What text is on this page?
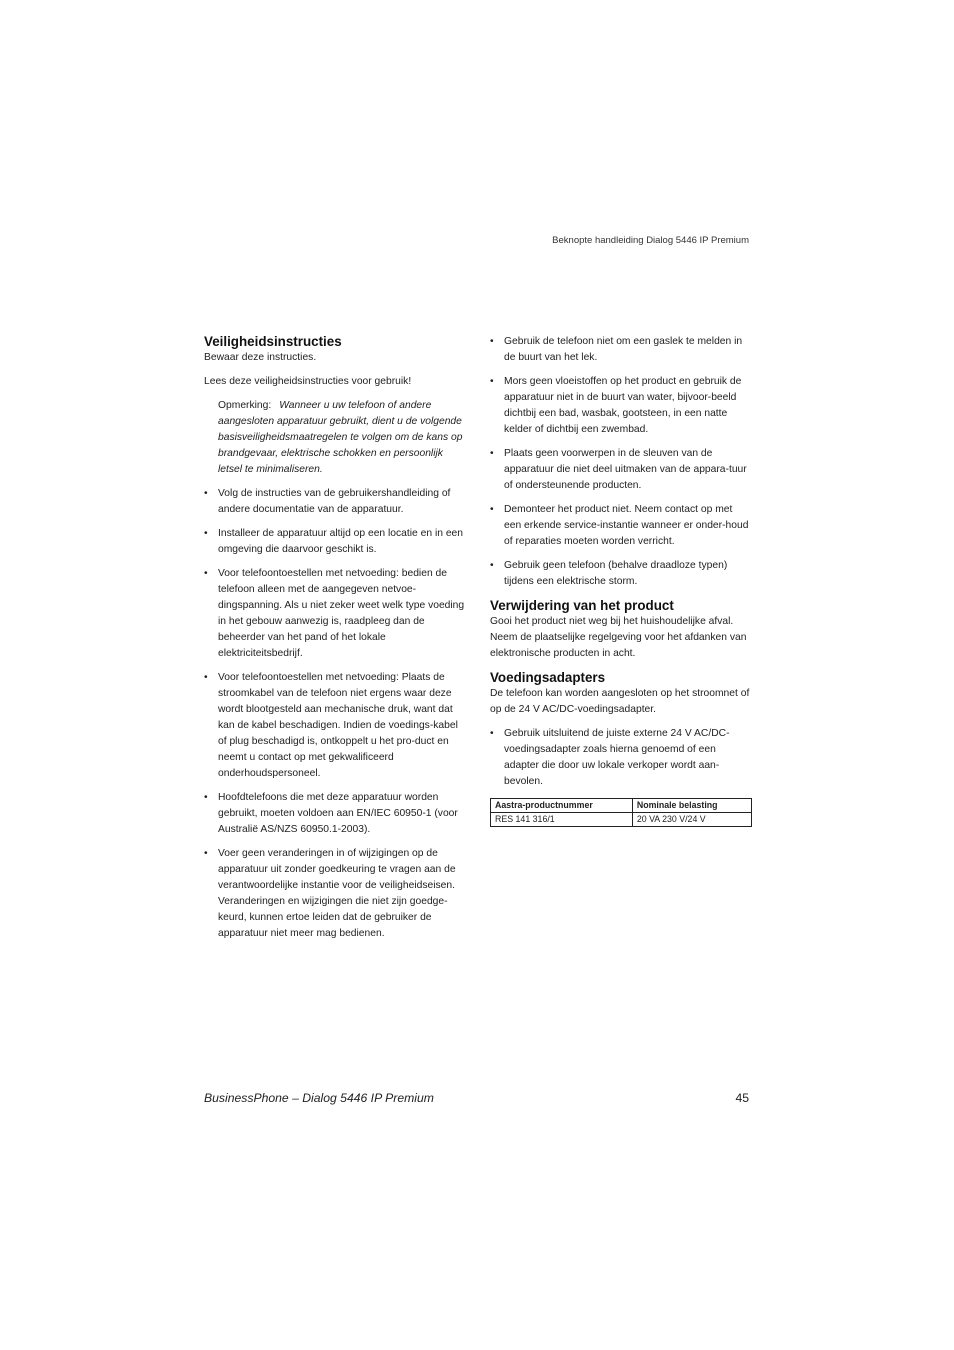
Beknopte handleiding Dialog 5446 IP Premium
Veiligheidsinstructies

Bewaar deze instructies.

Lees deze veiligheidsinstructies voor gebruik!

Opmerking: Wanneer u uw telefoon of andere aangesloten apparatuur gebruikt, dient u de volgende basisveiligheidsmaatregelen te volgen om de kans op brandgevaar, elektrische schokken en persoonlijk letsel te minimaliseren.
• Volg de instructies van de gebruikershandleiding of andere documentatie van de apparatuur.
• Installeer de apparatuur altijd op een locatie en in een omgeving die daarvoor geschikt is.
• Voor telefoontoestellen met netvoeding: bedien de telefoon alleen met de aangegeven netvoe-dingspanning. Als u niet zeker weet welk type voeding in het gebouw aanwezig is, raadpleeg dan de beheerder van het pand of het lokale elektriciteitsbedrijf.
• Voor telefoontoestellen met netvoeding: Plaats de stroomkabel van de telefoon niet ergens waar deze wordt blootgesteld aan mechanische druk, want dat kan de kabel beschadigen. Indien de voedings-kabel of plug beschadigd is, ontkoppelt u het pro-duct en neemt u contact op met gekwalificeerd onderhoudspersoneel.
• Hoofdtelefoons die met deze apparatuur worden gebruikt, moeten voldoen aan EN/IEC 60950-1 (voor Australië AS/NZS 60950.1-2003).
• Voer geen veranderingen in of wijzigingen op de apparatuur uit zonder goedkeuring te vragen aan de verantwoordelijke instantie voor de veiligheidseisen. Veranderingen en wijzigingen die niet zijn goedge-keurd, kunnen ertoe leiden dat de gebruiker de apparatuur niet meer mag bedienen.
• Gebruik de telefoon niet om een gaslek te melden in de buurt van het lek.
• Mors geen vloeistoffen op het product en gebruik de apparatuur niet in de buurt van water, bijvoor-beeld dichtbij een bad, wasbak, gootsteen, in een natte kelder of dichtbij een zwembad.
• Plaats geen voorwerpen in de sleuven van de apparatuur die niet deel uitmaken van de appara-tuur of ondersteunende producten.
• Demonteer het product niet. Neem contact op met een erkende service-instantie wanneer er onder-houd of reparaties moeten worden verricht.
• Gebruik geen telefoon (behalve draadloze typen) tijdens een elektrische storm.
Verwijdering van het product

Gooi het product niet weg bij het huishoudelijke afval. Neem de plaatselijke regelgeving voor het afdanken van elektronische producten in acht.

Voedingsadapters

De telefoon kan worden aangesloten op het stroomnet of op de 24 V AC/DC-voedingsadapter.

• Gebruik uitsluitend de juiste externe 24 V AC/DC-voedingsadapter zoals hierna genoemd of een adapter die door uw lokale verkoper wordt aan-bevolen.
Aastra-productnummer	Nominale belasting
RES 141 316/1	20 VA 230 V/24 V
BusinessPhone – Dialog 5446 IP Premium	45
